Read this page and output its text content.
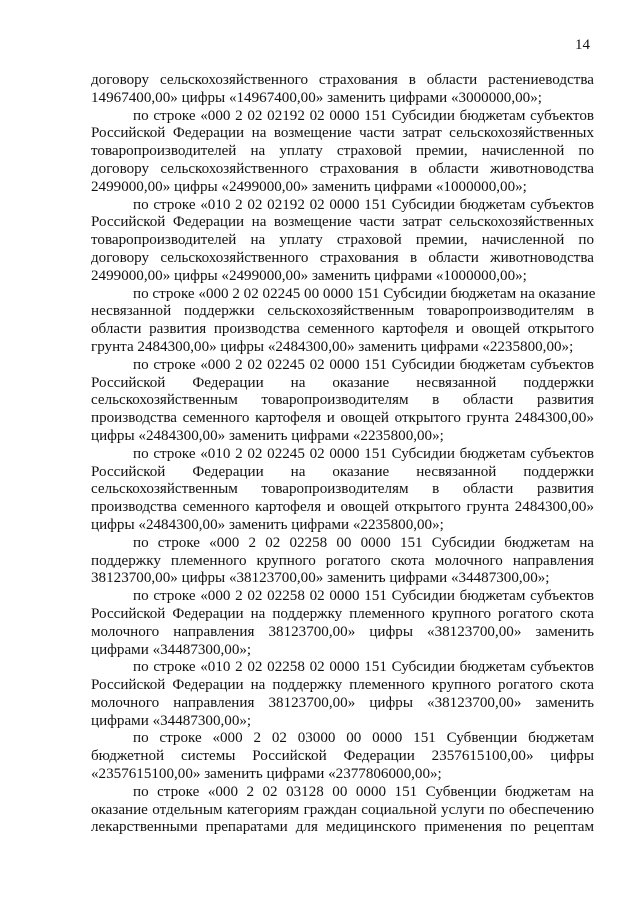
14
договору сельскохозяйственного страхования в области растениеводства
14967400,00» цифры «14967400,00» заменить цифрами «3000000,00»;
по строке «000 2 02 02192 02 0000 151 Субсидии бюджетам субъектов
Российской Федерации на возмещение части затрат сельскохозяйственных
товаропроизводителей на уплату страховой премии, начисленной по
договору сельскохозяйственного страхования в области животноводства
2499000,00» цифры «2499000,00» заменить цифрами «1000000,00»;
по строке «010 2 02 02192 02 0000 151 Субсидии бюджетам субъектов
Российской Федерации на возмещение части затрат сельскохозяйственных
товаропроизводителей на уплату страховой премии, начисленной по
договору сельскохозяйственного страхования в области животноводства
2499000,00» цифры «2499000,00» заменить цифрами «1000000,00»;
по строке «000 2 02 02245 00 0000 151 Субсидии бюджетам на оказание
несвязанной поддержки сельскохозяйственным товаропроизводителям в
области развития производства семенного картофеля и овощей открытого
грунта 2484300,00» цифры «2484300,00» заменить цифрами «2235800,00»;
по строке «000 2 02 02245 02 0000 151 Субсидии бюджетам субъектов
Российской Федерации на оказание несвязанной поддержки
сельскохозяйственным товаропроизводителям в области развития
производства семенного картофеля и овощей открытого грунта 2484300,00»
цифры «2484300,00» заменить цифрами «2235800,00»;
по строке «010 2 02 02245 02 0000 151 Субсидии бюджетам субъектов
Российской Федерации на оказание несвязанной поддержки
сельскохозяйственным товаропроизводителям в области развития
производства семенного картофеля и овощей открытого грунта 2484300,00»
цифры «2484300,00» заменить цифрами «2235800,00»;
по строке «000 2 02 02258 00 0000 151 Субсидии бюджетам на
поддержку племенного крупного рогатого скота молочного направления
38123700,00» цифры «38123700,00» заменить цифрами «34487300,00»;
по строке «000 2 02 02258 02 0000 151 Субсидии бюджетам субъектов
Российской Федерации на поддержку племенного крупного рогатого скота
молочного направления 38123700,00» цифры «38123700,00» заменить
цифрами «34487300,00»;
по строке «010 2 02 02258 02 0000 151 Субсидии бюджетам субъектов
Российской Федерации на поддержку племенного крупного рогатого скота
молочного направления 38123700,00» цифры «38123700,00» заменить
цифрами «34487300,00»;
по строке «000 2 02 03000 00 0000 151 Субвенции бюджетам
бюджетной системы Российской Федерации 2357615100,00» цифры
«2357615100,00» заменить цифрами «2377806000,00»;
по строке «000 2 02 03128 00 0000 151 Субвенции бюджетам на
оказание отдельным категориям граждан социальной услуги по обеспечению
лекарственными препаратами для медицинского применения по рецептам
